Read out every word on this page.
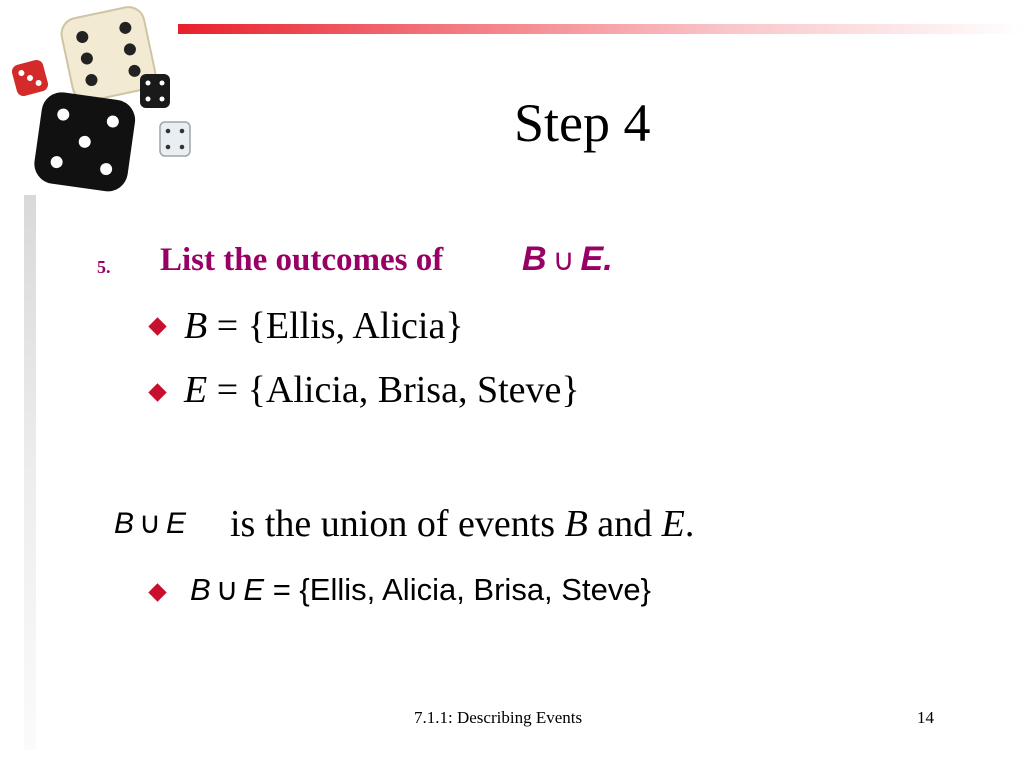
Step 4
5. List the outcomes of B ∪ E.
B = {Ellis, Alicia}
E = {Alicia, Brisa, Steve}
B ∪ E is the union of events B and E.
B ∪ E = {Ellis, Alicia, Brisa, Steve}
7.1.1: Describing Events	14
